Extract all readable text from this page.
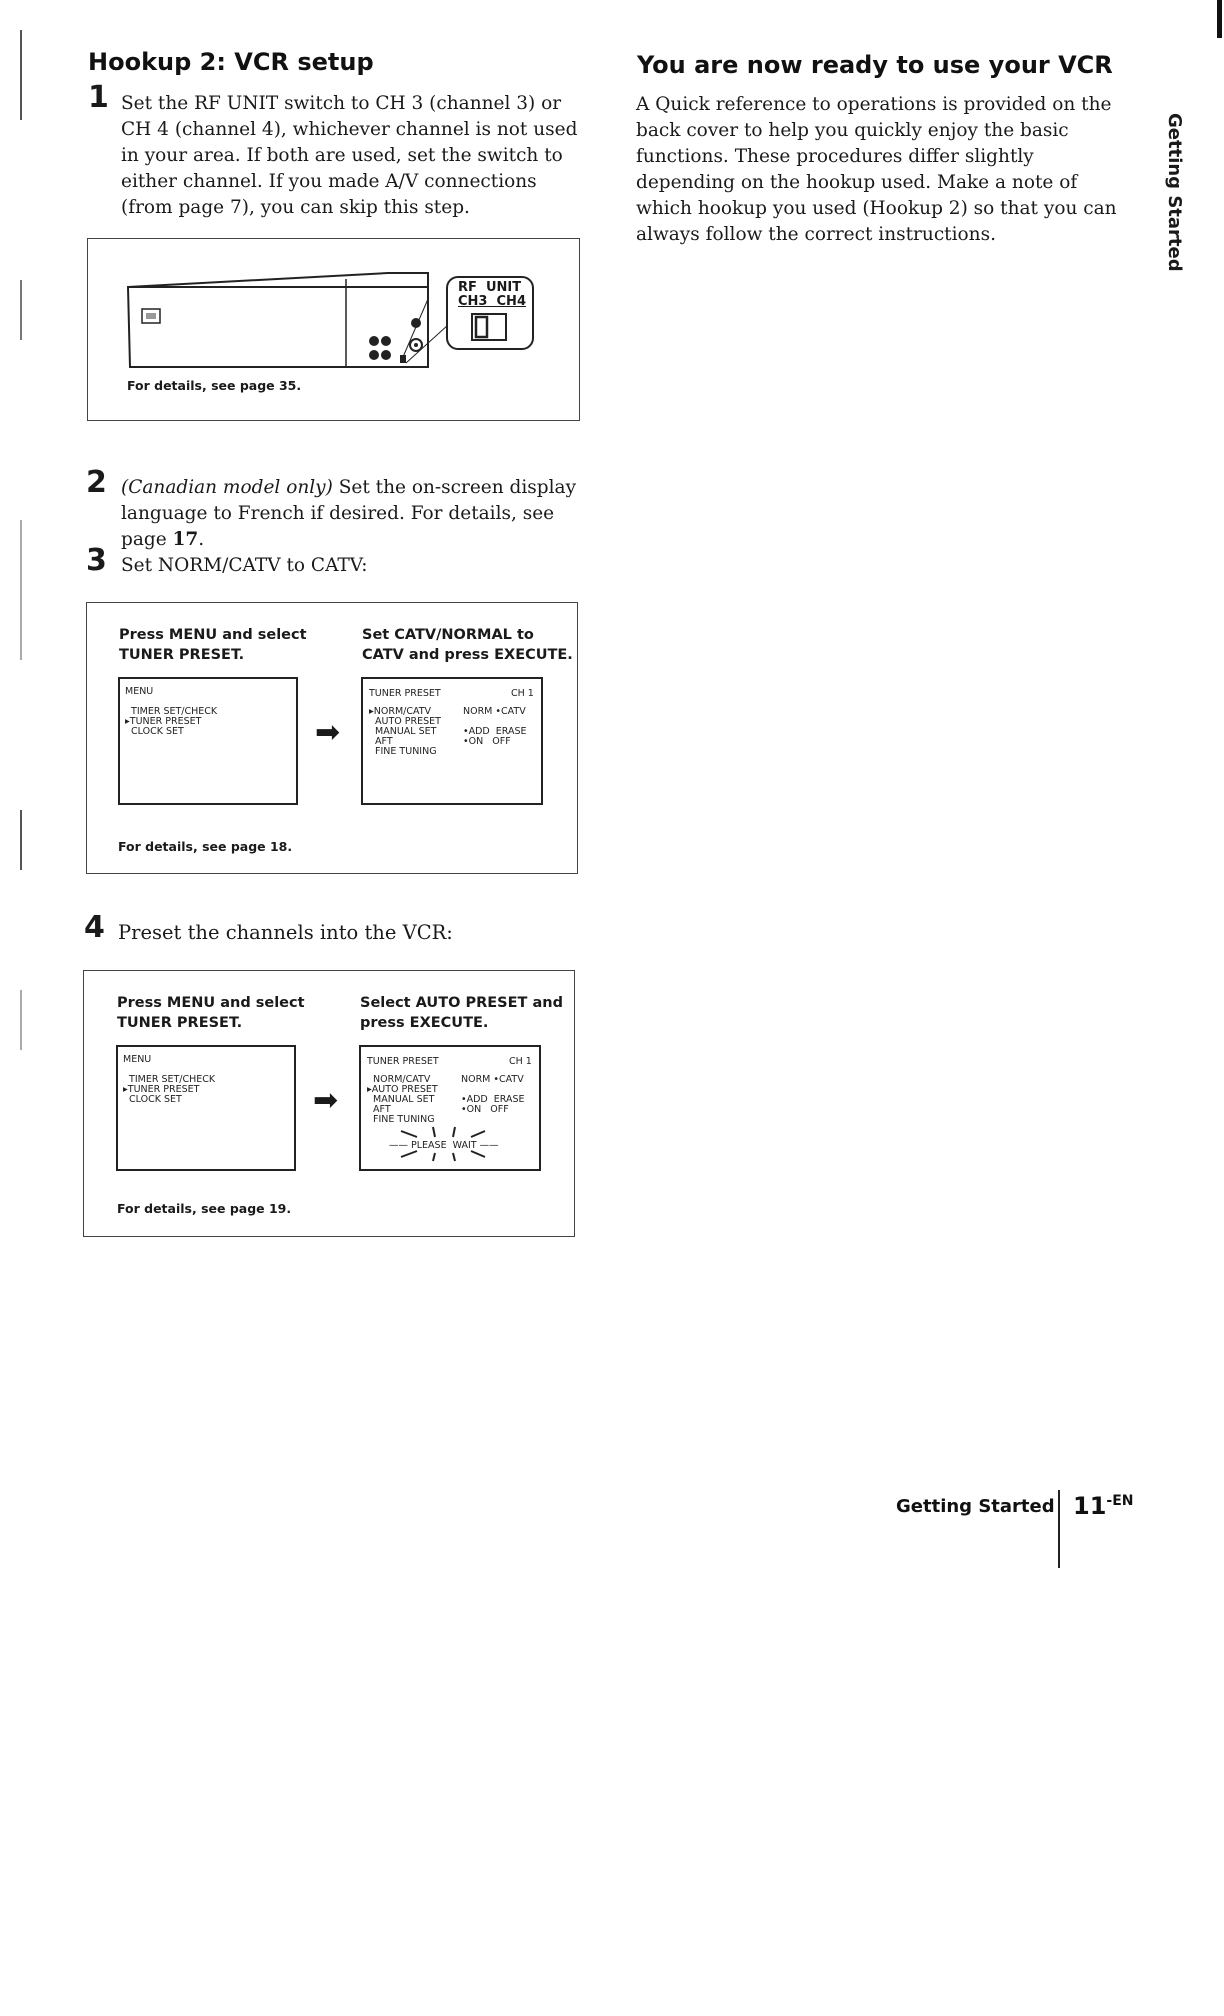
Hookup 2: VCR setup
1 Set the RF UNIT switch to CH 3 (channel 3) or CH 4 (channel 4), whichever channel is not used in your area. If both are used, set the switch to either channel. If you made A/V connections (from page 7), you can skip this step.
RF  UNIT
CH3  CH4
For details, see page 35.
2 (Canadian model only) Set the on-screen display language to French if desired. For details, see page 17.
3 Set NORM/CATV to CATV:
Press MENU and select
TUNER PRESET.
Set CATV/NORMAL to
CATV and press EXECUTE.
MENU

TIMER SET/CHECK
▸TUNER PRESET
CLOCK SET	➡
TUNER PRESET	CH 1
▸NORM/CATV
AUTO PRESET
MANUAL SET
AFT
FINE TUNING
NORM •CATV

•ADD  ERASE
•ON   OFF
For details, see page 18.
4 Preset the channels into the VCR:
Press MENU and select
TUNER PRESET.
Select AUTO PRESET and
press EXECUTE.
MENU

TIMER SET/CHECK
▸TUNER PRESET
CLOCK SET	➡
TUNER PRESET	CH 1
NORM/CATV
▸AUTO PRESET
MANUAL SET
AFT
FINE TUNING
NORM •CATV

•ADD  ERASE
•ON   OFF
—— PLEASE  WAIT ——
For details, see page 19.
You are now ready to use your VCR
A Quick reference to operations is provided on the back cover to help you quickly enjoy the basic functions. These procedures differ slightly depending on the hookup used. Make a note of which hookup you used (Hookup 2) so that you can always follow the correct instructions.	Getting Started
Getting Started $11^{-EN}$
